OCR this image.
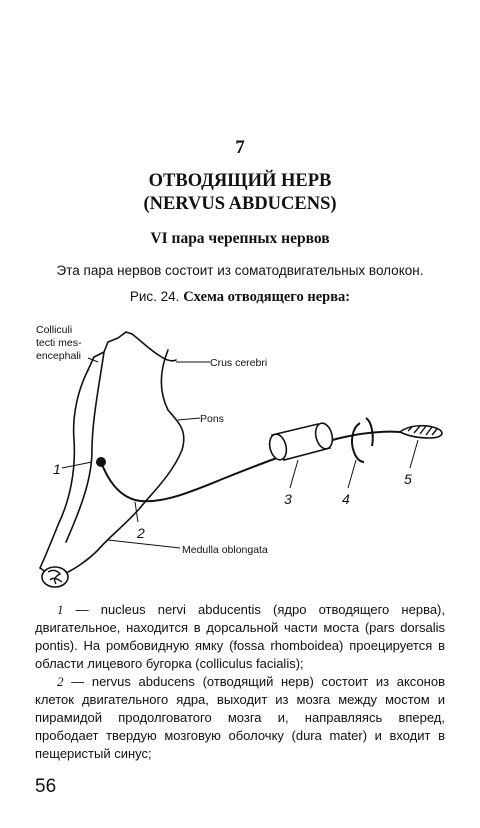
7
ОТВОДЯЩИЙ НЕРВ
(NERVUS ABDUCENS)
VI пара черепных нервов
Эта пара нервов состоит из соматодвигательных волокон.
Рис. 24. Схема отводящего нерва:
Colliculi
tecti mes-
encephali
Crus cerebri
Pons
Medulla oblongata
1
2
3	4
5

1 — nucleus nervi abducentis (ядро отводящего нерва), двигательное, находится в дорсальной части моста (pars dorsalis pontis). На ромбовидную ямку (fossa rhomboidea) проецируется в области лицевого бугорка (colliculus facialis);

2 — nervus abducens (отводящий нерв) состоит из аксонов клеток двигательного ядра, выходит из мозга между мостом и пирамидой продолговатого мозга и, направляясь вперед, прободает твердую мозговую оболочку (dura mater) и входит в пещеристый синус;

56
